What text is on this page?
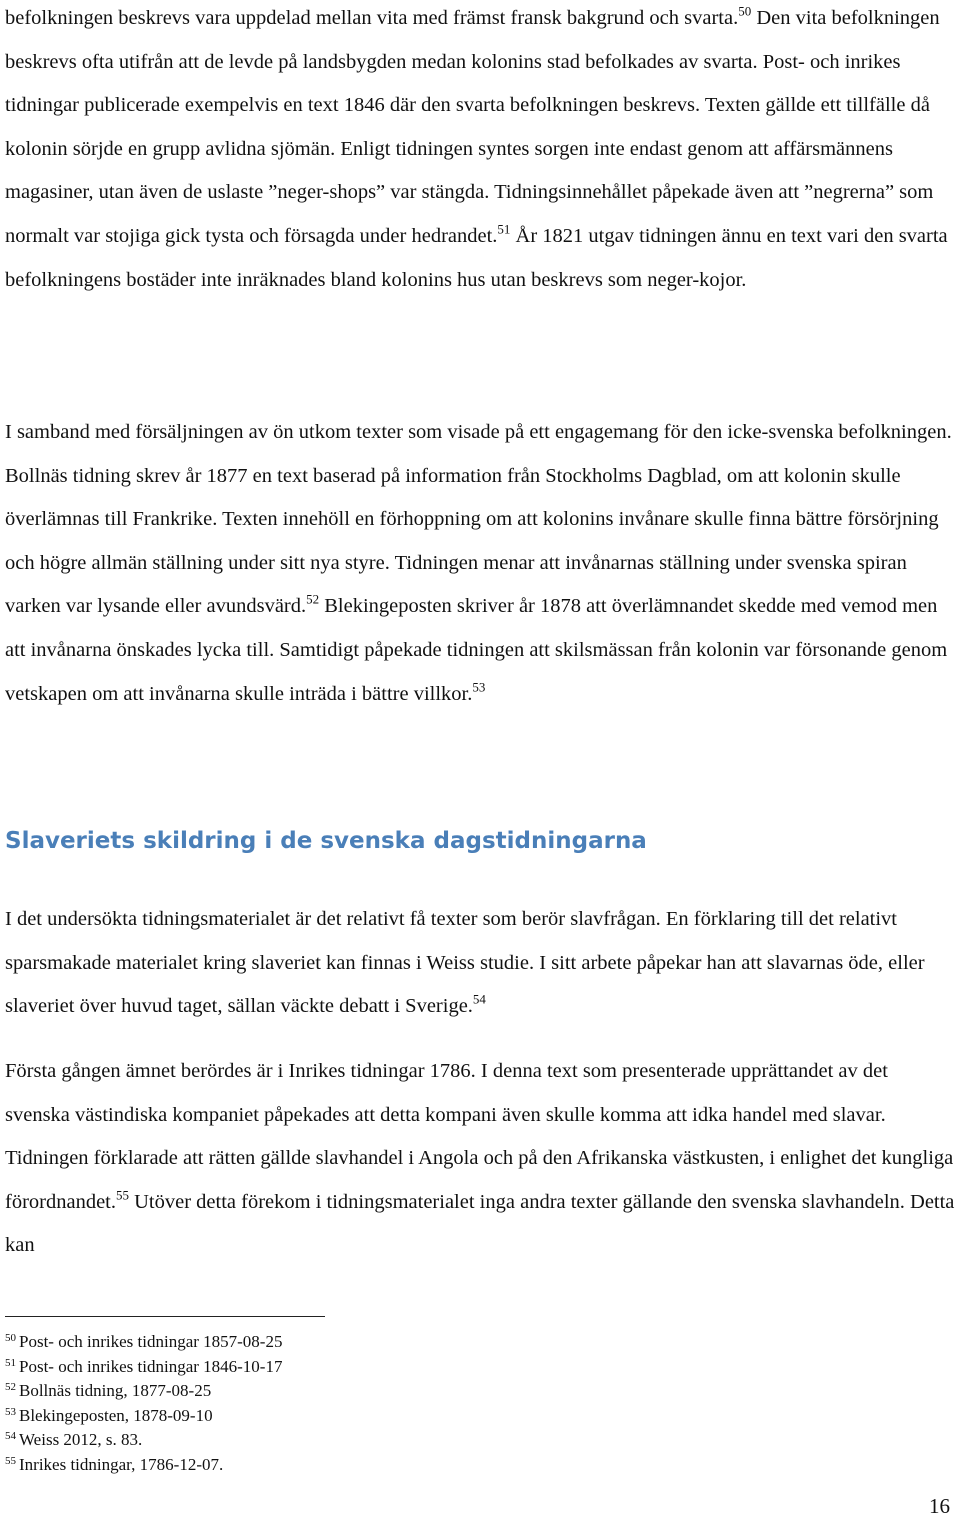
befolkningen beskrevs vara uppdelad mellan vita med främst fransk bakgrund och svarta.$^{50}$ Den vita befolkningen beskrevs ofta utifrån att de levde på landsbygden medan kolonins stad befolkades av svarta. Post- och inrikes tidningar publicerade exempelvis en text 1846 där den svarta befolkningen beskrevs. Texten gällde ett tillfälle då kolonin sörjde en grupp avlidna sjömän. Enligt tidningen syntes sorgen inte endast genom att affärsmännens magasiner, utan även de uslaste ”neger-shops” var stängda. Tidningsinnehållet påpekade även att ”negrerna” som normalt var stojiga gick tysta och försagda under hedrandet.$^{51}$ År 1821 utgav tidningen ännu en text vari den svarta befolkningens bostäder inte inräknades bland kolonins hus utan beskrevs som neger-kojor.

I samband med försäljningen av ön utkom texter som visade på ett engagemang för den icke-svenska befolkningen. Bollnäs tidning skrev år 1877 en text baserad på information från Stockholms Dagblad, om att kolonin skulle överlämnas till Frankrike. Texten innehöll en förhoppning om att kolonins invånare skulle finna bättre försörjning och högre allmän ställning under sitt nya styre. Tidningen menar att invånarnas ställning under svenska spiran varken var lysande eller avundsvärd.$^{52}$ Blekingeposten skriver år 1878 att överlämnandet skedde med vemod men att invånarna önskades lycka till. Samtidigt påpekade tidningen att skilsmässan från kolonin var försonande genom vetskapen om att invånarna skulle inträda i bättre villkor.$^{53}$

Slaveriets skildring i de svenska dagstidningarna

I det undersökta tidningsmaterialet är det relativt få texter som berör slavfrågan. En förklaring till det relativt sparsmakade materialet kring slaveriet kan finnas i Weiss studie. I sitt arbete påpekar han att slavarnas öde, eller slaveriet över huvud taget, sällan väckte debatt i Sverige.$^{54}$

Första gången ämnet berördes är i Inrikes tidningar 1786. I denna text som presenterade upprättandet av det svenska västindiska kompaniet påpekades att detta kompani även skulle komma att idka handel med slavar. Tidningen förklarade att rätten gällde slavhandel i Angola och på den Afrikanska västkusten, i enlighet det kungliga förordnandet.$^{55}$ Utöver detta förekom i tidningsmaterialet inga andra texter gällande den svenska slavhandeln. Detta kan

$^{50}$ Post- och inrikes tidningar 1857-08-25
$^{51}$ Post- och inrikes tidningar 1846-10-17
$^{52}$ Bollnäs tidning, 1877-08-25
$^{53}$ Blekingeposten, 1878-09-10
$^{54}$ Weiss 2012, s. 83.
$^{55}$ Inrikes tidningar, 1786-12-07.
16
